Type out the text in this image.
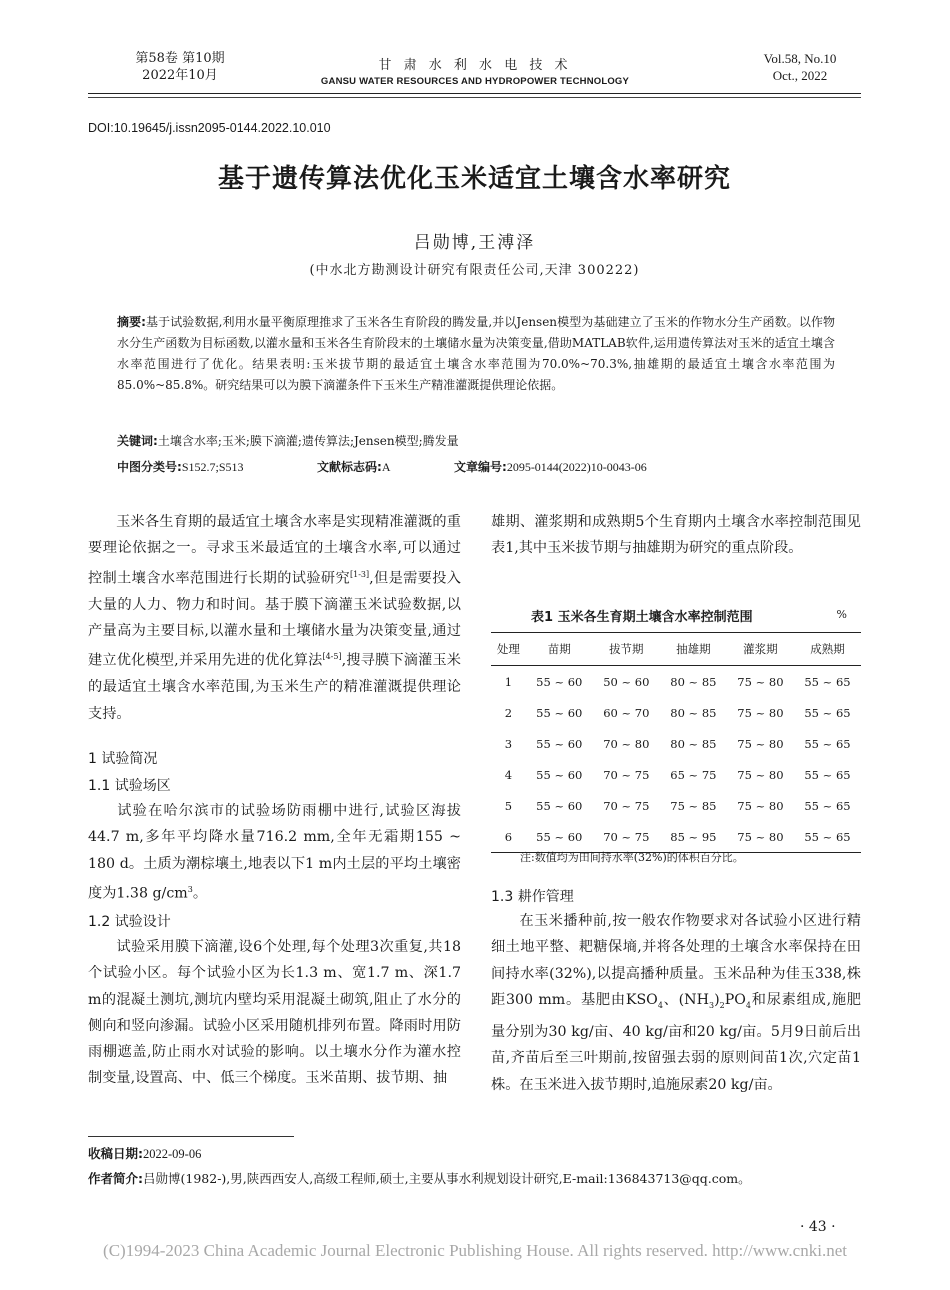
第58卷 第10期
2022年10月
甘 肃 水 利 水 电 技 术
GANSU WATER RESOURCES AND HYDROPOWER TECHNOLOGY
Vol.58, No.10
Oct., 2022
DOI:10.19645/j.issn2095-0144.2022.10.010
基于遗传算法优化玉米适宜土壤含水率研究
吕勋博,王溥泽
(中水北方勘测设计研究有限责任公司,天津 300222)
摘要:基于试验数据,利用水量平衡原理推求了玉米各生育阶段的腾发量,并以Jensen模型为基础建立了玉米的作物水分生产函数。以作物水分生产函数为目标函数,以灌水量和玉米各生育阶段末的土壤储水量为决策变量,借助MATLAB软件,运用遗传算法对玉米的适宜土壤含水率范围进行了优化。结果表明:玉米拔节期的最适宜土壤含水率范围为70.0%~70.3%,抽雄期的最适宜土壤含水率范围为85.0%~85.8%。研究结果可以为膜下滴灌条件下玉米生产精准灌溉提供理论依据。
关键词:土壤含水率;玉米;膜下滴灌;遗传算法;Jensen模型;腾发量
中图分类号:S152.7;S513	文献标志码:A	文章编号:2095-0144(2022)10-0043-06
玉米各生育期的最适宜土壤含水率是实现精准灌溉的重要理论依据之一。寻求玉米最适宜的土壤含水率,可以通过控制土壤含水率范围进行长期的试验研究[1-3],但是需要投入大量的人力、物力和时间。基于膜下滴灌玉米试验数据,以产量高为主要目标,以灌水量和土壤储水量为决策变量,通过建立优化模型,并采用先进的优化算法[4-5],搜寻膜下滴灌玉米的最适宜土壤含水率范围,为玉米生产的精准灌溉提供理论支持。
1 试验简况
1.1 试验场区
试验在哈尔滨市的试验场防雨棚中进行,试验区海拔44.7 m,多年平均降水量716.2 mm,全年无霜期155 ~ 180 d。土质为潮棕壤土,地表以下1 m内土层的平均土壤密度为1.38 $g/cm^3$。
1.2 试验设计
试验采用膜下滴灌,设6个处理,每个处理3次重复,共18个试验小区。每个试验小区为长1.3 m、宽1.7 m、深1.7 m的混凝土测坑,测坑内壁均采用混凝土砌筑,阻止了水分的侧向和竖向渗漏。试验小区采用随机排列布置。降雨时用防雨棚遮盖,防止雨水对试验的影响。以土壤水分作为灌水控制变量,设置高、中、低三个梯度。玉米苗期、拔节期、抽
雄期、灌浆期和成熟期5个生育期内土壤含水率控制范围见表1,其中玉米拔节期与抽雄期为研究的重点阶段。
表1 玉米各生育期土壤含水率控制范围	%
处理	苗期	拔节期	抽雄期	灌浆期	成熟期
1	55 ~ 60	50 ~ 60	80 ~ 85	75 ~ 80	55 ~ 65
2	55 ~ 60	60 ~ 70	80 ~ 85	75 ~ 80	55 ~ 65
3	55 ~ 60	70 ~ 80	80 ~ 85	75 ~ 80	55 ~ 65
4	55 ~ 60	70 ~ 75	65 ~ 75	75 ~ 80	55 ~ 65
5	55 ~ 60	70 ~ 75	75 ~ 85	75 ~ 80	55 ~ 65
6	55 ~ 60	70 ~ 75	85 ~ 95	75 ~ 80	55 ~ 65
注:数值均为田间持水率(32%)的体积百分比。
1.3 耕作管理
在玉米播种前,按一般农作物要求对各试验小区进行精细土地平整、耙糖保墒,并将各处理的土壤含水率保持在田间持水率(32%),以提高播种质量。玉米品种为佳玉338,株距300 mm。基肥由$KSO_4$、$(NH_3)_2PO_4$和尿素组成,施肥量分别为30 kg/亩、40 kg/亩和20 kg/亩。5月9日前后出苗,齐苗后至三叶期前,按留强去弱的原则间苗1次,穴定苗1株。在玉米进入拔节期时,追施尿素20 kg/亩。
收稿日期:2022-09-06
作者简介:吕勋博(1982-),男,陕西西安人,高级工程师,硕士,主要从事水利规划设计研究,E-mail:136843713@qq.com。
· 43 ·
(C)1994-2023 China Academic Journal Electronic Publishing House. All rights reserved. http://www.cnki.net
